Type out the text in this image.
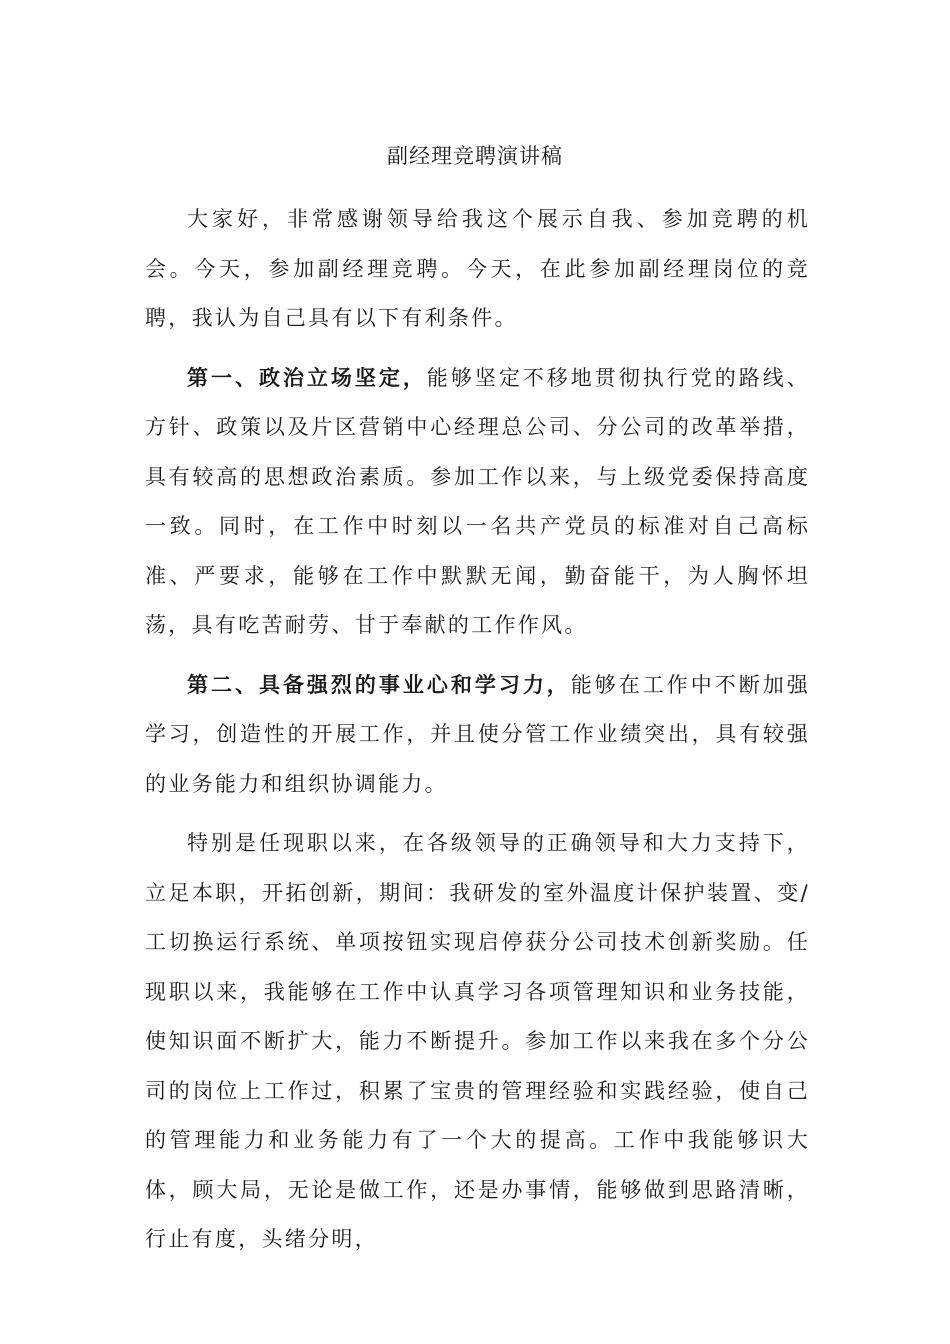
副经理竞聘演讲稿

大家好，非常感谢领导给我这个展示自我、参加竞聘的机会。今天，参加副经理竞聘。今天，在此参加副经理岗位的竞聘，我认为自己具有以下有利条件。

第一、政治立场坚定，能够坚定不移地贯彻执行党的路线、方针、政策以及片区营销中心经理总公司、分公司的改革举措，具有较高的思想政治素质。参加工作以来，与上级党委保持高度一致。同时，在工作中时刻以一名共产党员的标准对自己高标准、严要求，能够在工作中默默无闻，勤奋能干，为人胸怀坦荡，具有吃苦耐劳、甘于奉献的工作作风。

第二、具备强烈的事业心和学习力，能够在工作中不断加强学习，创造性的开展工作，并且使分管工作业绩突出，具有较强的业务能力和组织协调能力。

特别是任现职以来，在各级领导的正确领导和大力支持下，立足本职，开拓创新，期间：我研发的室外温度计保护装置、变/工切换运行系统、单项按钮实现启停获分公司技术创新奖励。任现职以来，我能够在工作中认真学习各项管理知识和业务技能，使知识面不断扩大，能力不断提升。参加工作以来我在多个分公司的岗位上工作过，积累了宝贵的管理经验和实践经验，使自己的管理能力和业务能力有了一个大的提高。工作中我能够识大体，顾大局，无论是做工作，还是办事情，能够做到思路清晰，行止有度，头绪分明，
